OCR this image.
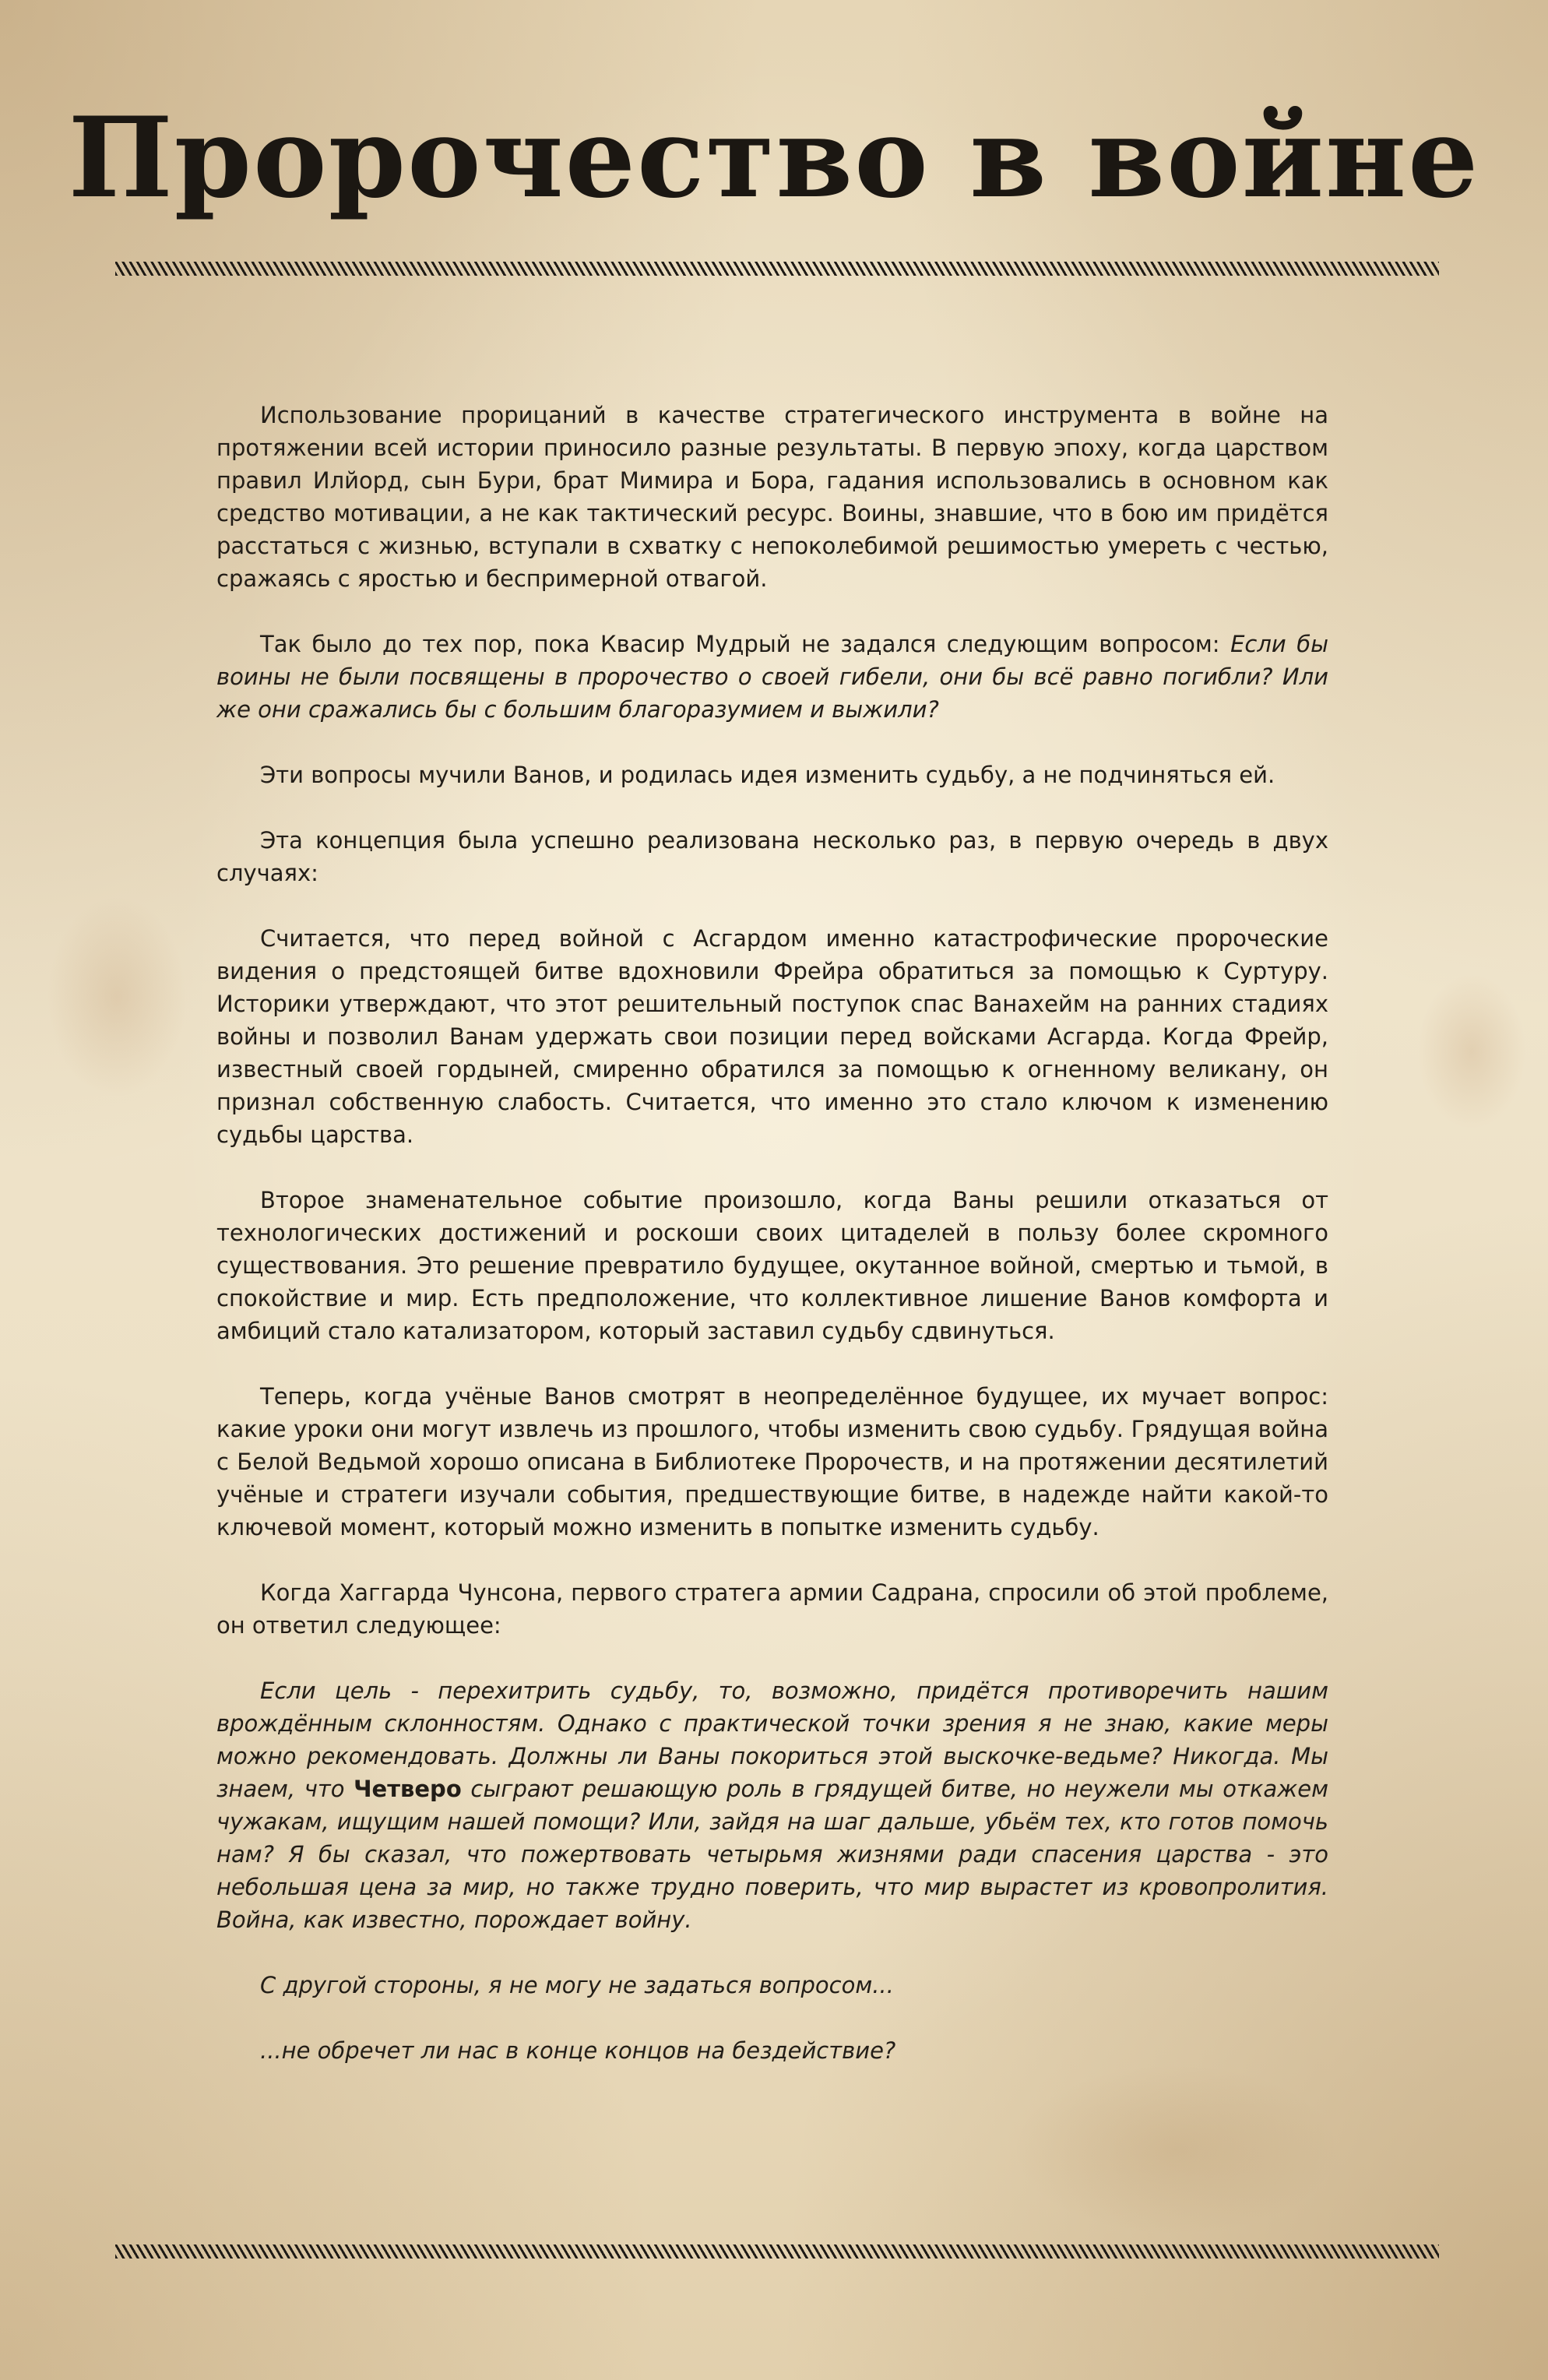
Пророчество в войне

Использование прорицаний в качестве стратегического инструмента в войне на протяжении всей истории приносило разные результаты. В первую эпоху, когда царством правил Илйорд, сын Бури, брат Мимира и Бора, гадания использовались в основном как средство мотивации, а не как тактический ресурс. Воины, знавшие, что в бою им придётся расстаться с жизнью, вступали в схватку с непоколебимой решимостью умереть с честью, сражаясь с яростью и беспримерной отвагой.

Так было до тех пор, пока Квасир Мудрый не задался следующим вопросом: Если бы воины не были посвящены в пророчество о своей гибели, они бы всё равно погибли? Или же они сражались бы с большим благоразумием и выжили?

Эти вопросы мучили Ванов, и родилась идея изменить судьбу, а не подчиняться ей.

Эта концепция была успешно реализована несколько раз, в первую очередь в двух случаях:

Считается, что перед войной с Асгардом именно катастрофические пророческие видения о предстоящей битве вдохновили Фрейра обратиться за помощью к Суртуру. Историки утверждают, что этот решительный поступок спас Ванахейм на ранних стадиях войны и позволил Ванам удержать свои позиции перед войсками Асгарда. Когда Фрейр, известный своей гордыней, смиренно обратился за помощью к огненному великану, он признал собственную слабость. Считается, что именно это стало ключом к изменению судьбы царства.

Второе знаменательное событие произошло, когда Ваны решили отказаться от технологических достижений и роскоши своих цитаделей в пользу более скромного существования. Это решение превратило будущее, окутанное войной, смертью и тьмой, в спокойствие и мир. Есть предположение, что коллективное лишение Ванов комфорта и амбиций стало катализатором, который заставил судьбу сдвинуться.

Теперь, когда учёные Ванов смотрят в неопределённое будущее, их мучает вопрос: какие уроки они могут извлечь из прошлого, чтобы изменить свою судьбу. Грядущая война с Белой Ведьмой хорошо описана в Библиотеке Пророчеств, и на протяжении десятилетий учёные и стратеги изучали события, предшествующие битве, в надежде найти какой-то ключевой момент, который можно изменить в попытке изменить судьбу.

Когда Хаггарда Чунсона, первого стратега армии Садрана, спросили об этой проблеме, он ответил следующее:

Если цель - перехитрить судьбу, то, возможно, придётся противоречить нашим врождённым склонностям. Однако с практической точки зрения я не знаю, какие меры можно рекомендовать. Должны ли Ваны покориться этой выскочке-ведьме? Никогда. Мы знаем, что Четверо сыграют решающую роль в грядущей битве, но неужели мы откажем чужакам, ищущим нашей помощи? Или, зайдя на шаг дальше, убьём тех, кто готов помочь нам? Я бы сказал, что пожертвовать четырьмя жизнями ради спасения царства - это небольшая цена за мир, но также трудно поверить, что мир вырастет из кровопролития. Война, как известно, порождает войну.

С другой стороны, я не могу не задаться вопросом...

...не обречет ли нас в конце концов на бездействие?
